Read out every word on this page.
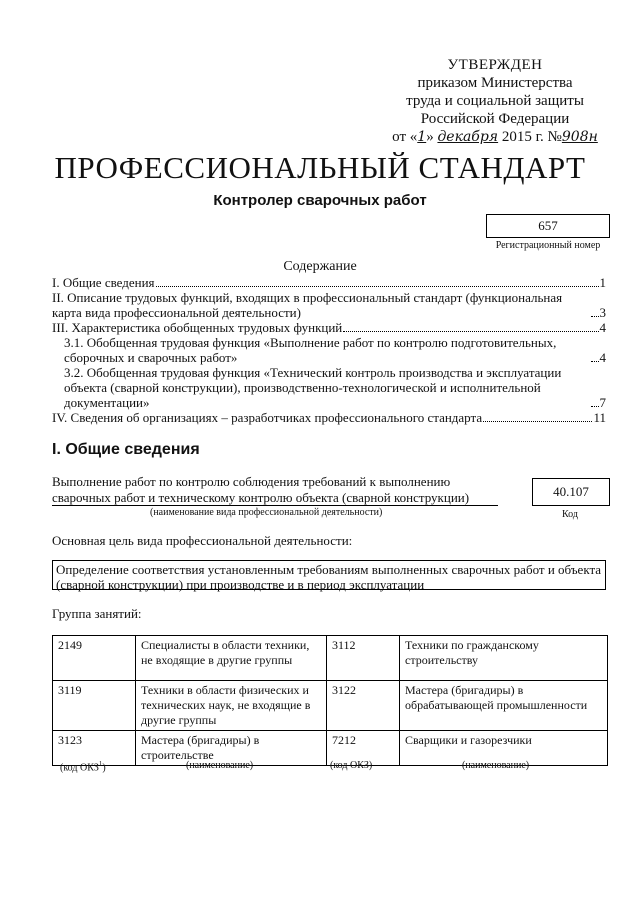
УТВЕРЖДЕН
приказом Министерства
труда и социальной защиты
Российской Федерации
от «1» декабря 2015 г. №908н
ПРОФЕССИОНАЛЬНЫЙ СТАНДАРТ
Контролер сварочных работ
657
Регистрационный номер
Содержание
I. Общие сведения	1
II. Описание трудовых функций, входящих в профессиональный стандарт (функциональная карта вида профессиональной деятельности)	3
III. Характеристика обобщенных трудовых функций	4
3.1. Обобщенная трудовая функция «Выполнение работ по контролю подготовительных, сборочных и сварочных работ»	4
3.2. Обобщенная трудовая функция «Технический контроль производства и эксплуатации объекта (сварной конструкции), производственно-технологической и исполнительной документации»	7
IV. Сведения об организациях – разработчиках профессионального стандарта	11
I. Общие сведения
Выполнение работ по контролю соблюдения требований к выполнению сварочных работ и техническому контролю объекта (сварной конструкции)
(наименование вида профессиональной деятельности)
40.107
Код
Основная цель вида профессиональной деятельности:
Определение соответствия установленным требованиям выполненных сварочных работ и объекта (сварной конструкции) при производстве и в период эксплуатации
Группа занятий:
2149	Специалисты в области техники, не входящие в другие группы	3112	Техники по гражданскому строительству
3119	Техники в области физических и технических наук, не входящие в другие группы	3122	Мастера (бригадиры) в обрабатывающей промышленности
3123	Мастера (бригадиры) в строительстве	7212	Сварщики и газорезчики
(код ОКЗ$^1$)	(наименование)	(код ОКЗ)	(наименование)
